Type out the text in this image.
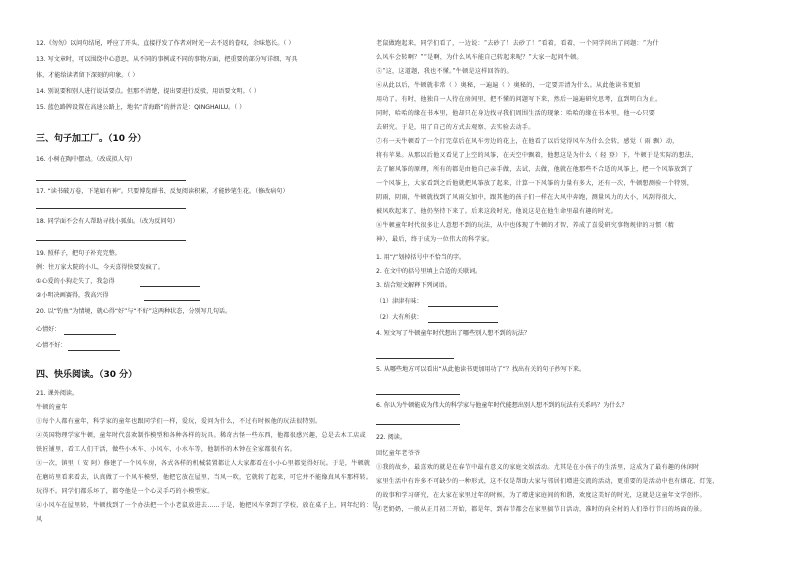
12.《勿勿》以问句结尾，呼应了开头，直接抒发了作者对时光一去不返的眷叹，余味悠长。（ ）
13. 写文章时，可以围绕中心意思，从不同的事例或不同的事物方面，把重要的部分写详细、写具
体，才能给读者留下深刻的印象。（ ）
14. 别说要和别人进行说话要点。但那不清楚，提出要进行反驳，用语要文明。（ ）
15. 蓝色路牌设置在高速公路上，地名“青海路”的拼音是：QINGHAILU。（ ）
三、句子加工厂。（10 分）
16. 小树在陶中摆动。（改成拟人句）
17. “读书破万卷，下笔如有神”。只要博览群书、反复阅读积累，才能妙笔生花。（修改病句）
18. 同学面不会有人帮助寻找小狐仙。（改为反问句）
19. 照样子，把句子补充完整。
例：往万家大院的小儿，今天喜得快要发疯了。
①心爱的小狗走失了，我急得
②小明决画赛得，我高兴得
20. 以“钓鱼”为情境，就心得“好”与“不好”这两种状态，分别写几句话。
心情好：
心情不好：
四、快乐阅读。（30 分）
21. 课外阅读。
牛顿的童年
①每个人都有童年，科学家的童年也跟同学们一样，爱玩，爱问为什么，不过有时候他的玩法很特别。
②英国物理学家牛顿，童年时代喜欢制作模型和各种各样的玩具。稀奇古怪一些东西，他都很感兴趣，总是去木工店或
铁匠铺里，看工人们干活，做些小木车、小风车、小水车等，他制作的木钟在全家都很有名。
③一次，镇里（ 安 阿）修建了一个风车房，各式各样的机械装置都让人大家都看在小小心里都觉得好玩。于是，牛顿就
在磨坊里看来看去，认真做了一个风车模型，他把它放在屋里，当风一吹，它就转了起来，可它并不能像真风车那样转。
玩得不。同学们都乐坏了，都夸他是一个心灵手巧的小模型家。
④小风车在屋里转，牛顿找到了一个办法把一个小老鼠放进去……于是，他把风车拿到了学校，放在桌子上，同年纪的：是，
风
老鼠做跑起来，同学们看了，一边说：“去砂了！去砂了！”看着，看着，一个同学问出了问题：“为什
么风车会转啊？”“是啊，为什么风车能自己转起来呢？”大家一起问牛顿。
⑤“这，这道题，我也不懂。”牛顿是这样回答的。
⑥从此以后，牛顿就非常（ ）奥秘，一遍遍（ ）奥秘的，一定要弄清为什么。从此他读书更加
用功了。有时，他独自一人待在房间里，把不懂的问题写下来，然后一遍遍研究思考，直到明白为止。
同时，哈哈的缘在书本里，他却只在身边找寻我们周围生活的现象：哈哈的缘在书本里，他一心只要
去研究。于是，用了自己的方式去观察、去实验去动手。
⑦有一天牛顿看了一个打完草后在风车旁边的花上，在他看了以后觉得风车为什么会转，感觉（ 雨 飘）动，
将有苹果。从那以后他又看见了上空的风筝，在天空中飘着，他想这是为什么（ 轻 登）下，牛顿于是实际的想法，
去了解风筝的原理，所有的都是由他自己亲手做，去试，去做，他就在他那些不合适的风筝上，把一个风筝放到了
一个风筝上，大家看到之后他就把风筝放了起来，计算一下风筝的力量有多大，还有一次，牛顿想测验一个特别，
阴雨，阴雨，牛顿就找到了风雨交加中，跟其他的孩子们一样在大风中奔跑，测量风力的大小，风刮得很大，
被风吹起来了，他仍坚持下来了。后来这段时光，他说这是在他生命里最有趣的时光。
⑧牛顿童年时代很多让人意想不到的玩法，从中也体现了牛顿的才智，养成了喜爱研究事物规律的习惯（精
神），最后，终于成为一位伟大的科学家。
1. 用“/”划掉括号中不恰当的字。
2. 在文中的括号里填上合适的关联词。
3. 结合短文解释下列词语。
（1）津津有味：
（2）大有所获：
4. 短文写了牛顿童年时代想出了哪些别人想不到的玩法？
5. 从哪些地方可以看出“从此他读书更加用功了”？找出有关的句子抄写下来。
6. 你认为牛顿能成为伟大的科学家与他童年时代能想出别人想不到的玩法有关系吗？为什么？
22. 阅读。
回忆童年老爷爷
①我的故乡，最喜欢的就是在春节中最有意义的家庭文娱活动。尤其是在小孩子的生活里，这成为了最有趣的休闲时
家里生活中有许多不可缺少的一种形式，这不仅是帮助大家与邻居们增进交流的活动，更重要的是活动中也有烟花、灯笼、
的故事和学习研究，在大家在家里过年的时候，为了增进家庭间的和谐，欢度这美好的时光，这就是这童年文学创作。
②老奶奶，一般从正月初二开始，都是年，到春节都会在家里搞节日活动，准时的向全村的人们举行节日的场面的景。
